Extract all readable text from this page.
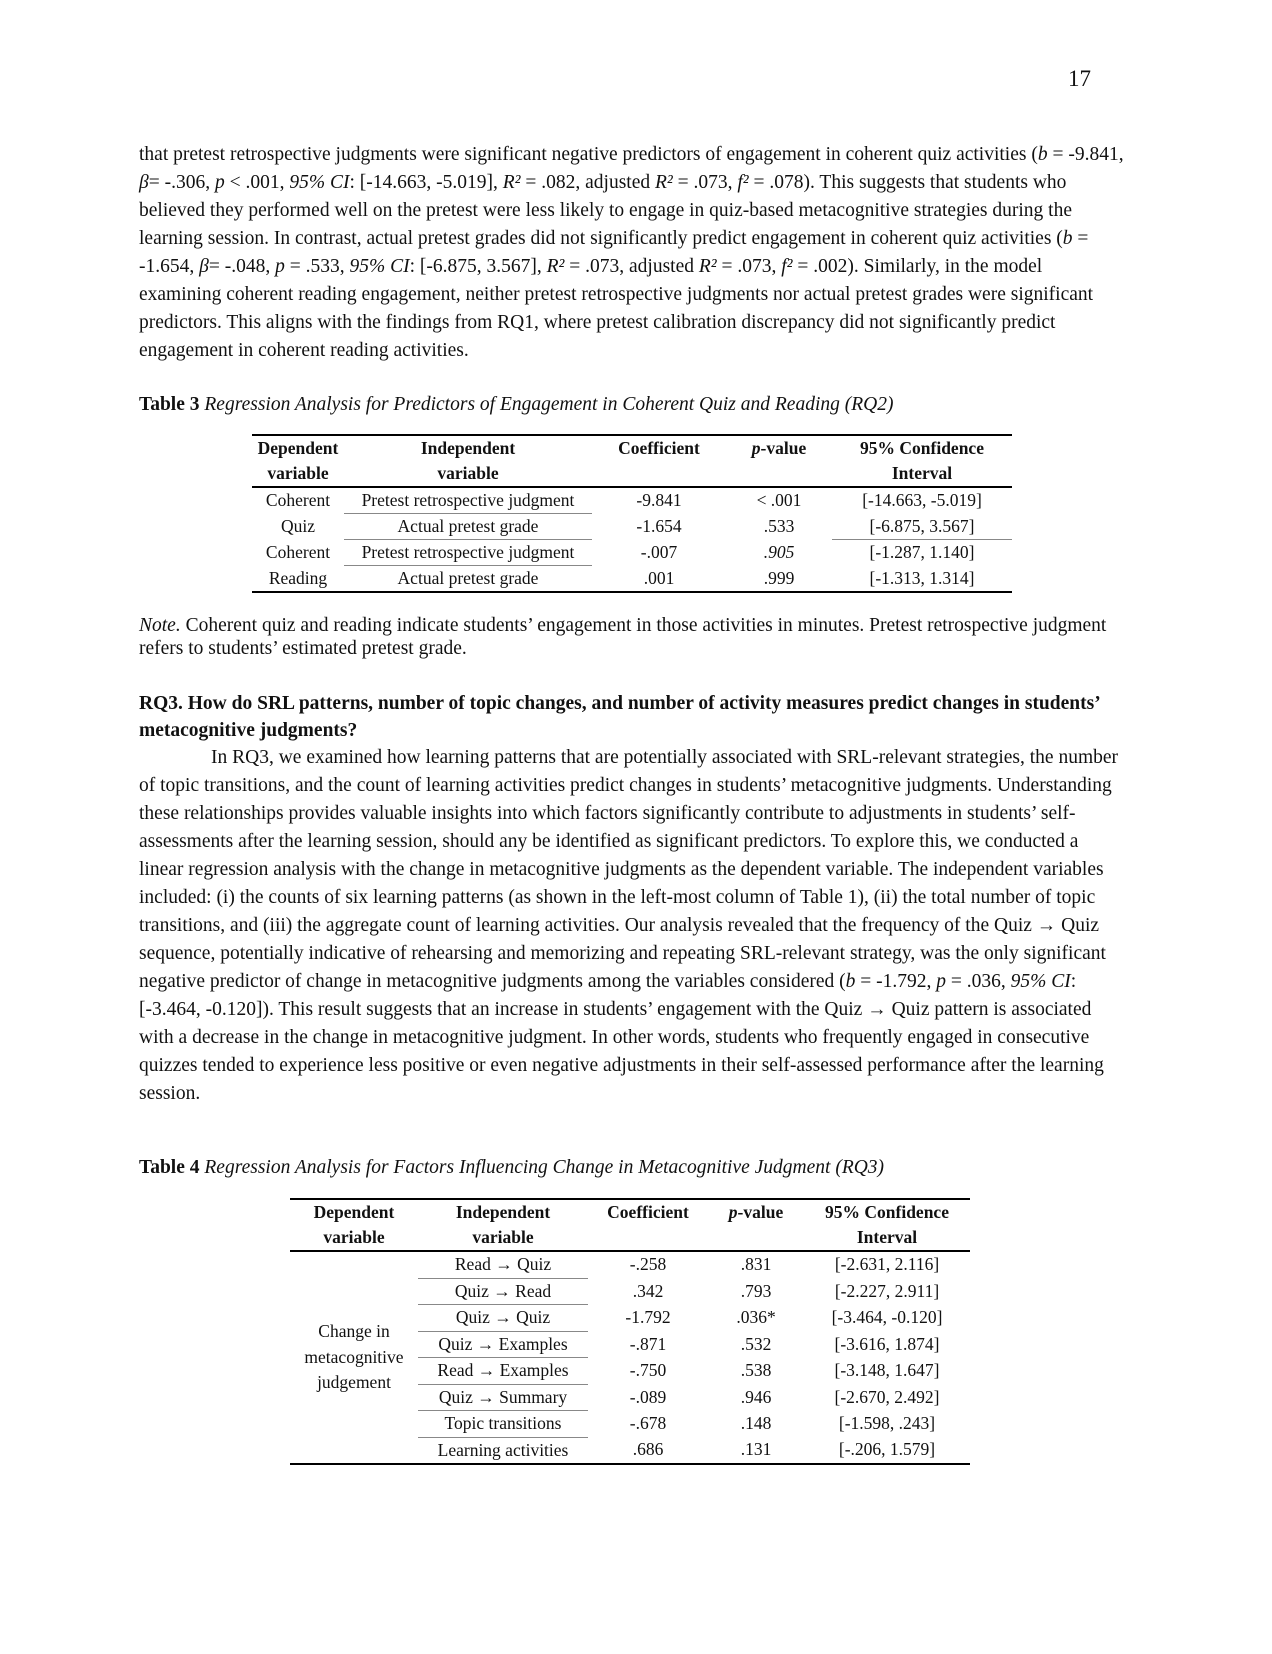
17

that pretest retrospective judgments were significant negative predictors of engagement in coherent quiz activities (b = -9.841, β= -.306, p < .001, 95% CI: [-14.663, -5.019], R² = .082, adjusted R² = .073, f² = .078). This suggests that students who believed they performed well on the pretest were less likely to engage in quiz-based metacognitive strategies during the learning session. In contrast, actual pretest grades did not significantly predict engagement in coherent quiz activities (b = -1.654, β= -.048, p = .533, 95% CI: [-6.875, 3.567], R² = .073, adjusted R² = .073, f² = .002). Similarly, in the model examining coherent reading engagement, neither pretest retrospective judgments nor actual pretest grades were significant predictors. This aligns with the findings from RQ1, where pretest calibration discrepancy did not significantly predict engagement in coherent reading activities.

Table 3 Regression Analysis for Predictors of Engagement in Coherent Quiz and Reading (RQ2)
Dependent	Independent	Coefficient	p-value	95% Confidence
variable	variable			Interval
Coherent	Pretest retrospective judgment	-9.841	< .001	[-14.663, -5.019]
Quiz	Actual pretest grade	-1.654	.533	[-6.875, 3.567]
Coherent	Pretest retrospective judgment	-.007	.905	[-1.287, 1.140]
Reading	Actual pretest grade	.001	.999	[-1.313, 1.314]
Note. Coherent quiz and reading indicate students’ engagement in those activities in minutes. Pretest retrospective judgment refers to students’ estimated pretest grade.
RQ3. How do SRL patterns, number of topic changes, and number of activity measures predict changes in students’ metacognitive judgments?

In RQ3, we examined how learning patterns that are potentially associated with SRL-relevant strategies, the number of topic transitions, and the count of learning activities predict changes in students’ metacognitive judgments. Understanding these relationships provides valuable insights into which factors significantly contribute to adjustments in students’ self-assessments after the learning session, should any be identified as significant predictors. To explore this, we conducted a linear regression analysis with the change in metacognitive judgments as the dependent variable. The independent variables included: (i) the counts of six learning patterns (as shown in the left-most column of Table 1), (ii) the total number of topic transitions, and (iii) the aggregate count of learning activities. Our analysis revealed that the frequency of the Quiz → Quiz sequence, potentially indicative of rehearsing and memorizing and repeating SRL-relevant strategy, was the only significant negative predictor of change in metacognitive judgments among the variables considered (b = -1.792, p = .036, 95% CI: [-3.464, -0.120]). This result suggests that an increase in students’ engagement with the Quiz → Quiz pattern is associated with a decrease in the change in metacognitive judgment. In other words, students who frequently engaged in consecutive quizzes tended to experience less positive or even negative adjustments in their self-assessed performance after the learning session.

Table 4 Regression Analysis for Factors Influencing Change in Metacognitive Judgment (RQ3)
Dependent	Independent	Coefficient	p-value	95% Confidence
variable	variable			Interval

Change in
metacognitive
judgement	Read → Quiz	-.258	.831	[-2.631, 2.116]
	Quiz → Read	.342	.793	[-2.227, 2.911]
	Quiz → Quiz	-1.792	.036*	[-3.464, -0.120]
	Quiz → Examples	-.871	.532	[-3.616, 1.874]
	Read → Examples	-.750	.538	[-3.148, 1.647]
	Quiz → Summary	-.089	.946	[-2.670, 2.492]
	Topic transitions	-.678	.148	[-1.598, .243]
	Learning activities	.686	.131	[-.206, 1.579]
